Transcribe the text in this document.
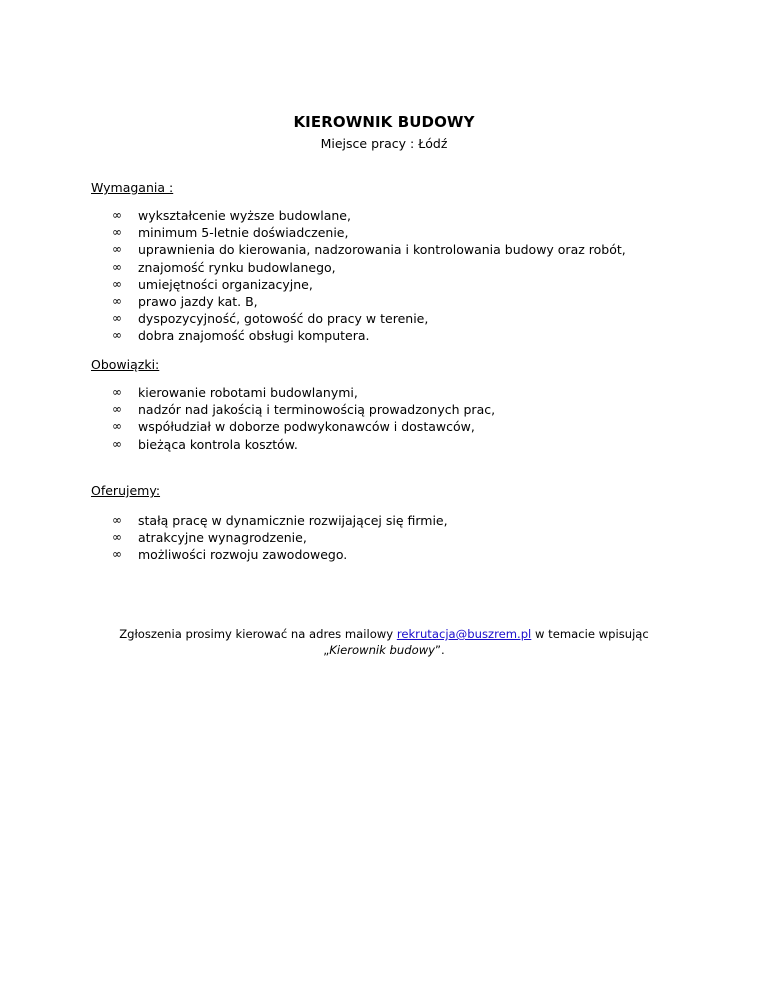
KIEROWNIK BUDOWY

Miejsce pracy : Łódź

Wymagania :

∞	wykształcenie wyższe budowlane,
∞	minimum 5-letnie doświadczenie,
∞	uprawnienia do kierowania, nadzorowania i kontrolowania budowy oraz robót,
∞	znajomość rynku budowlanego,
∞	umiejętności organizacyjne,
∞	prawo jazdy kat. B,
∞	dyspozycyjność, gotowość do pracy w terenie,
∞	dobra znajomość obsługi komputera.

Obowiązki:

∞	kierowanie robotami budowlanymi,
∞	nadzór nad jakością i terminowością prowadzonych prac,
∞	współudział w doborze podwykonawców i dostawców,
∞	bieżąca kontrola kosztów.

Oferujemy:

∞	stałą pracę w dynamicznie rozwijającej się firmie,
∞	atrakcyjne wynagrodzenie,
∞	możliwości rozwoju zawodowego.

Zgłoszenia prosimy kierować na adres mailowy rekrutacja@buszrem.pl w temacie wpisując
„Kierownik budowy”.
